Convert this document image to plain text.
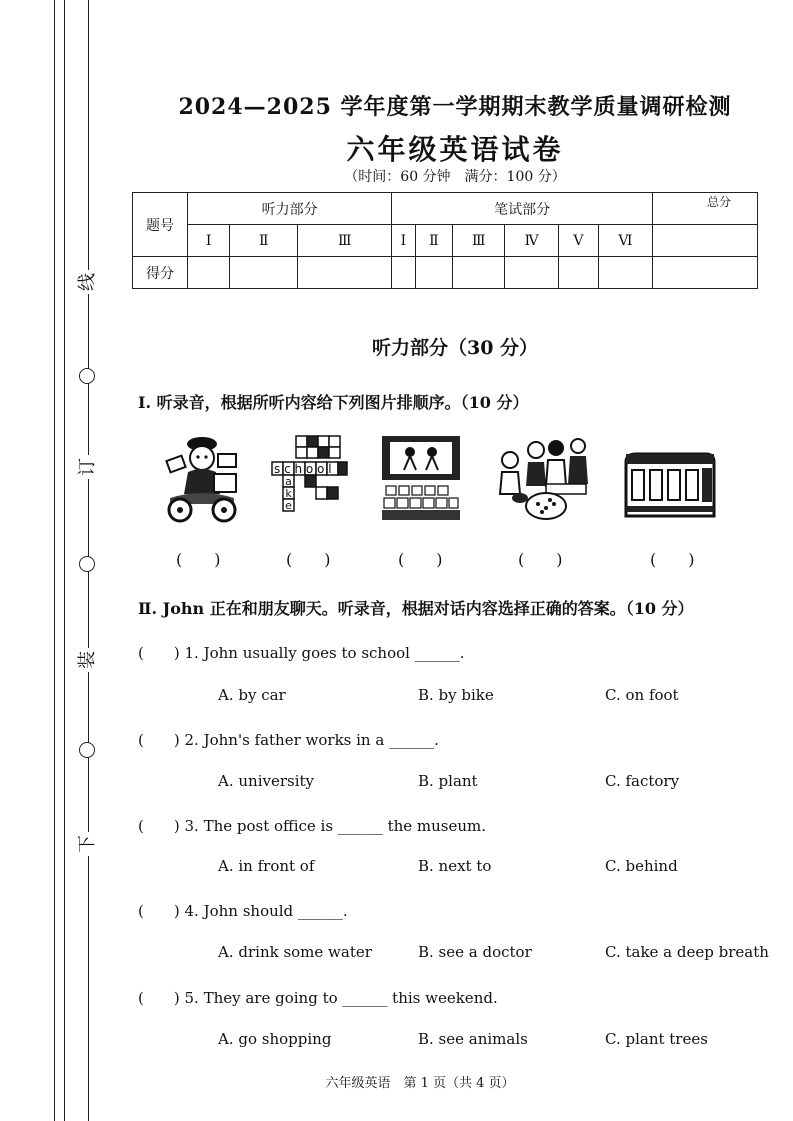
线
订
装
下
2024—2025 学年度第一学期期末教学质量调研检测
六年级英语试卷
（时间：60 分钟　满分：100 分）
题号	听力部分			笔试部分						总分
	Ⅰ	Ⅱ	Ⅲ	Ⅰ	Ⅱ	Ⅲ	Ⅳ	Ⅴ	Ⅵ	
得分										
听力部分（30 分）
Ⅰ. 听录音，根据所听内容给下列图片排顺序。（10 分）
s c h o o l
a
k
e
(　　)	(　　)	(　　)	(　　)	(　　)
Ⅱ. John 正在和朋友聊天。听录音，根据对话内容选择正确的答案。（10 分）
(　　) 1. John usually goes to school ______.
A. by car	B. by bike	C. on foot
(　　) 2. John's father works in a ______.
A. university	B. plant	C. factory
(　　) 3. The post office is ______ the museum.
A. in front of	B. next to	C. behind
(　　) 4. John should ______.
A. drink some water	B. see a doctor	C. take a deep breath
(　　) 5. They are going to ______ this weekend.
A. go shopping	B. see animals	C. plant trees
六年级英语　第 1 页（共 4 页）
